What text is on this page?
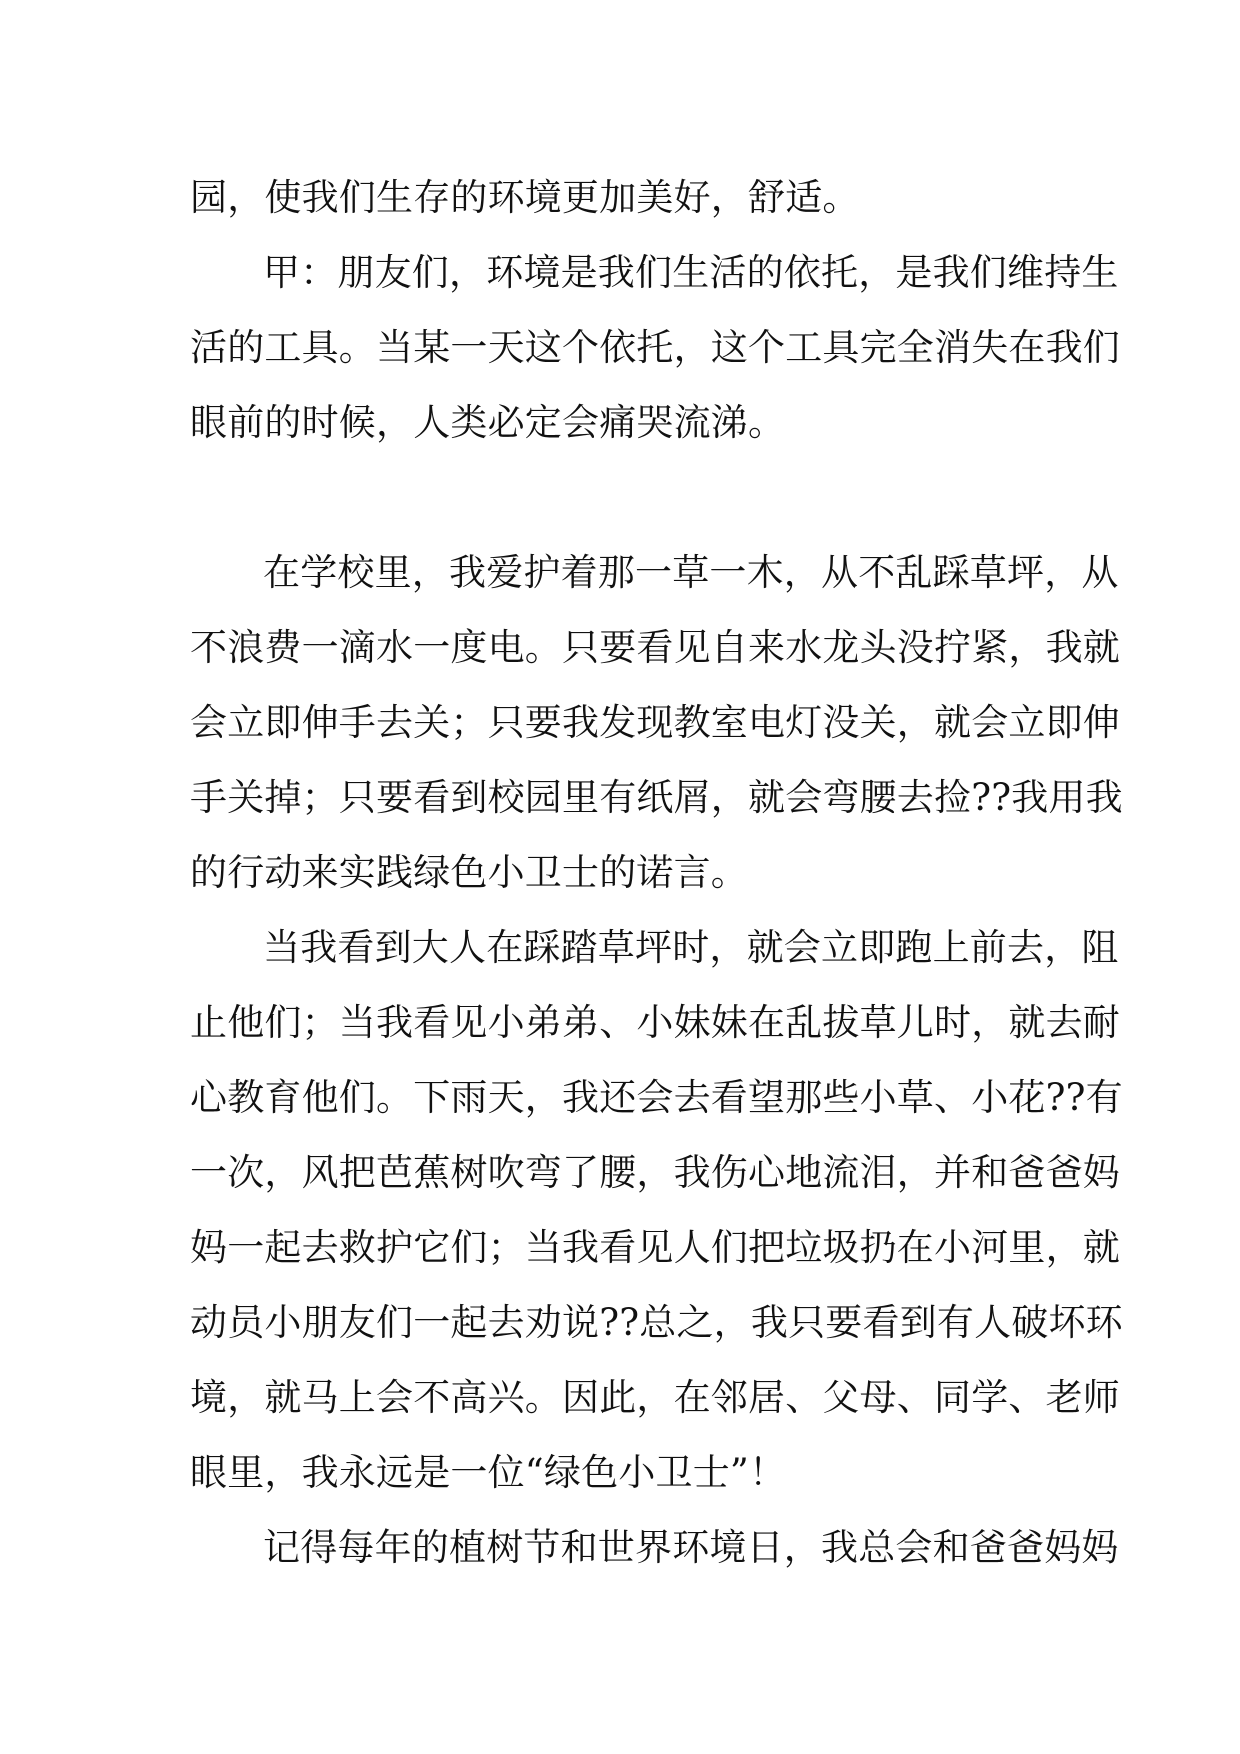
园，使我们生存的环境更加美好，舒适。
甲：朋友们，环境是我们生活的依托，是我们维持生
活的工具。当某一天这个依托，这个工具完全消失在我们
眼前的时候，人类必定会痛哭流涕。
在学校里，我爱护着那一草一木，从不乱踩草坪，从
不浪费一滴水一度电。只要看见自来水龙头没拧紧，我就
会立即伸手去关；只要我发现教室电灯没关，就会立即伸
手关掉；只要看到校园里有纸屑，就会弯腰去捡??我用我
的行动来实践绿色小卫士的诺言。
当我看到大人在踩踏草坪时，就会立即跑上前去，阻
止他们；当我看见小弟弟、小妹妹在乱拔草儿时，就去耐
心教育他们。下雨天，我还会去看望那些小草、小花??有
一次，风把芭蕉树吹弯了腰，我伤心地流泪，并和爸爸妈
妈一起去救护它们；当我看见人们把垃圾扔在小河里，就
动员小朋友们一起去劝说??总之，我只要看到有人破坏环
境，就马上会不高兴。因此，在邻居、父母、同学、老师
眼里，我永远是一位“绿色小卫士”！
记得每年的植树节和世界环境日，我总会和爸爸妈妈
